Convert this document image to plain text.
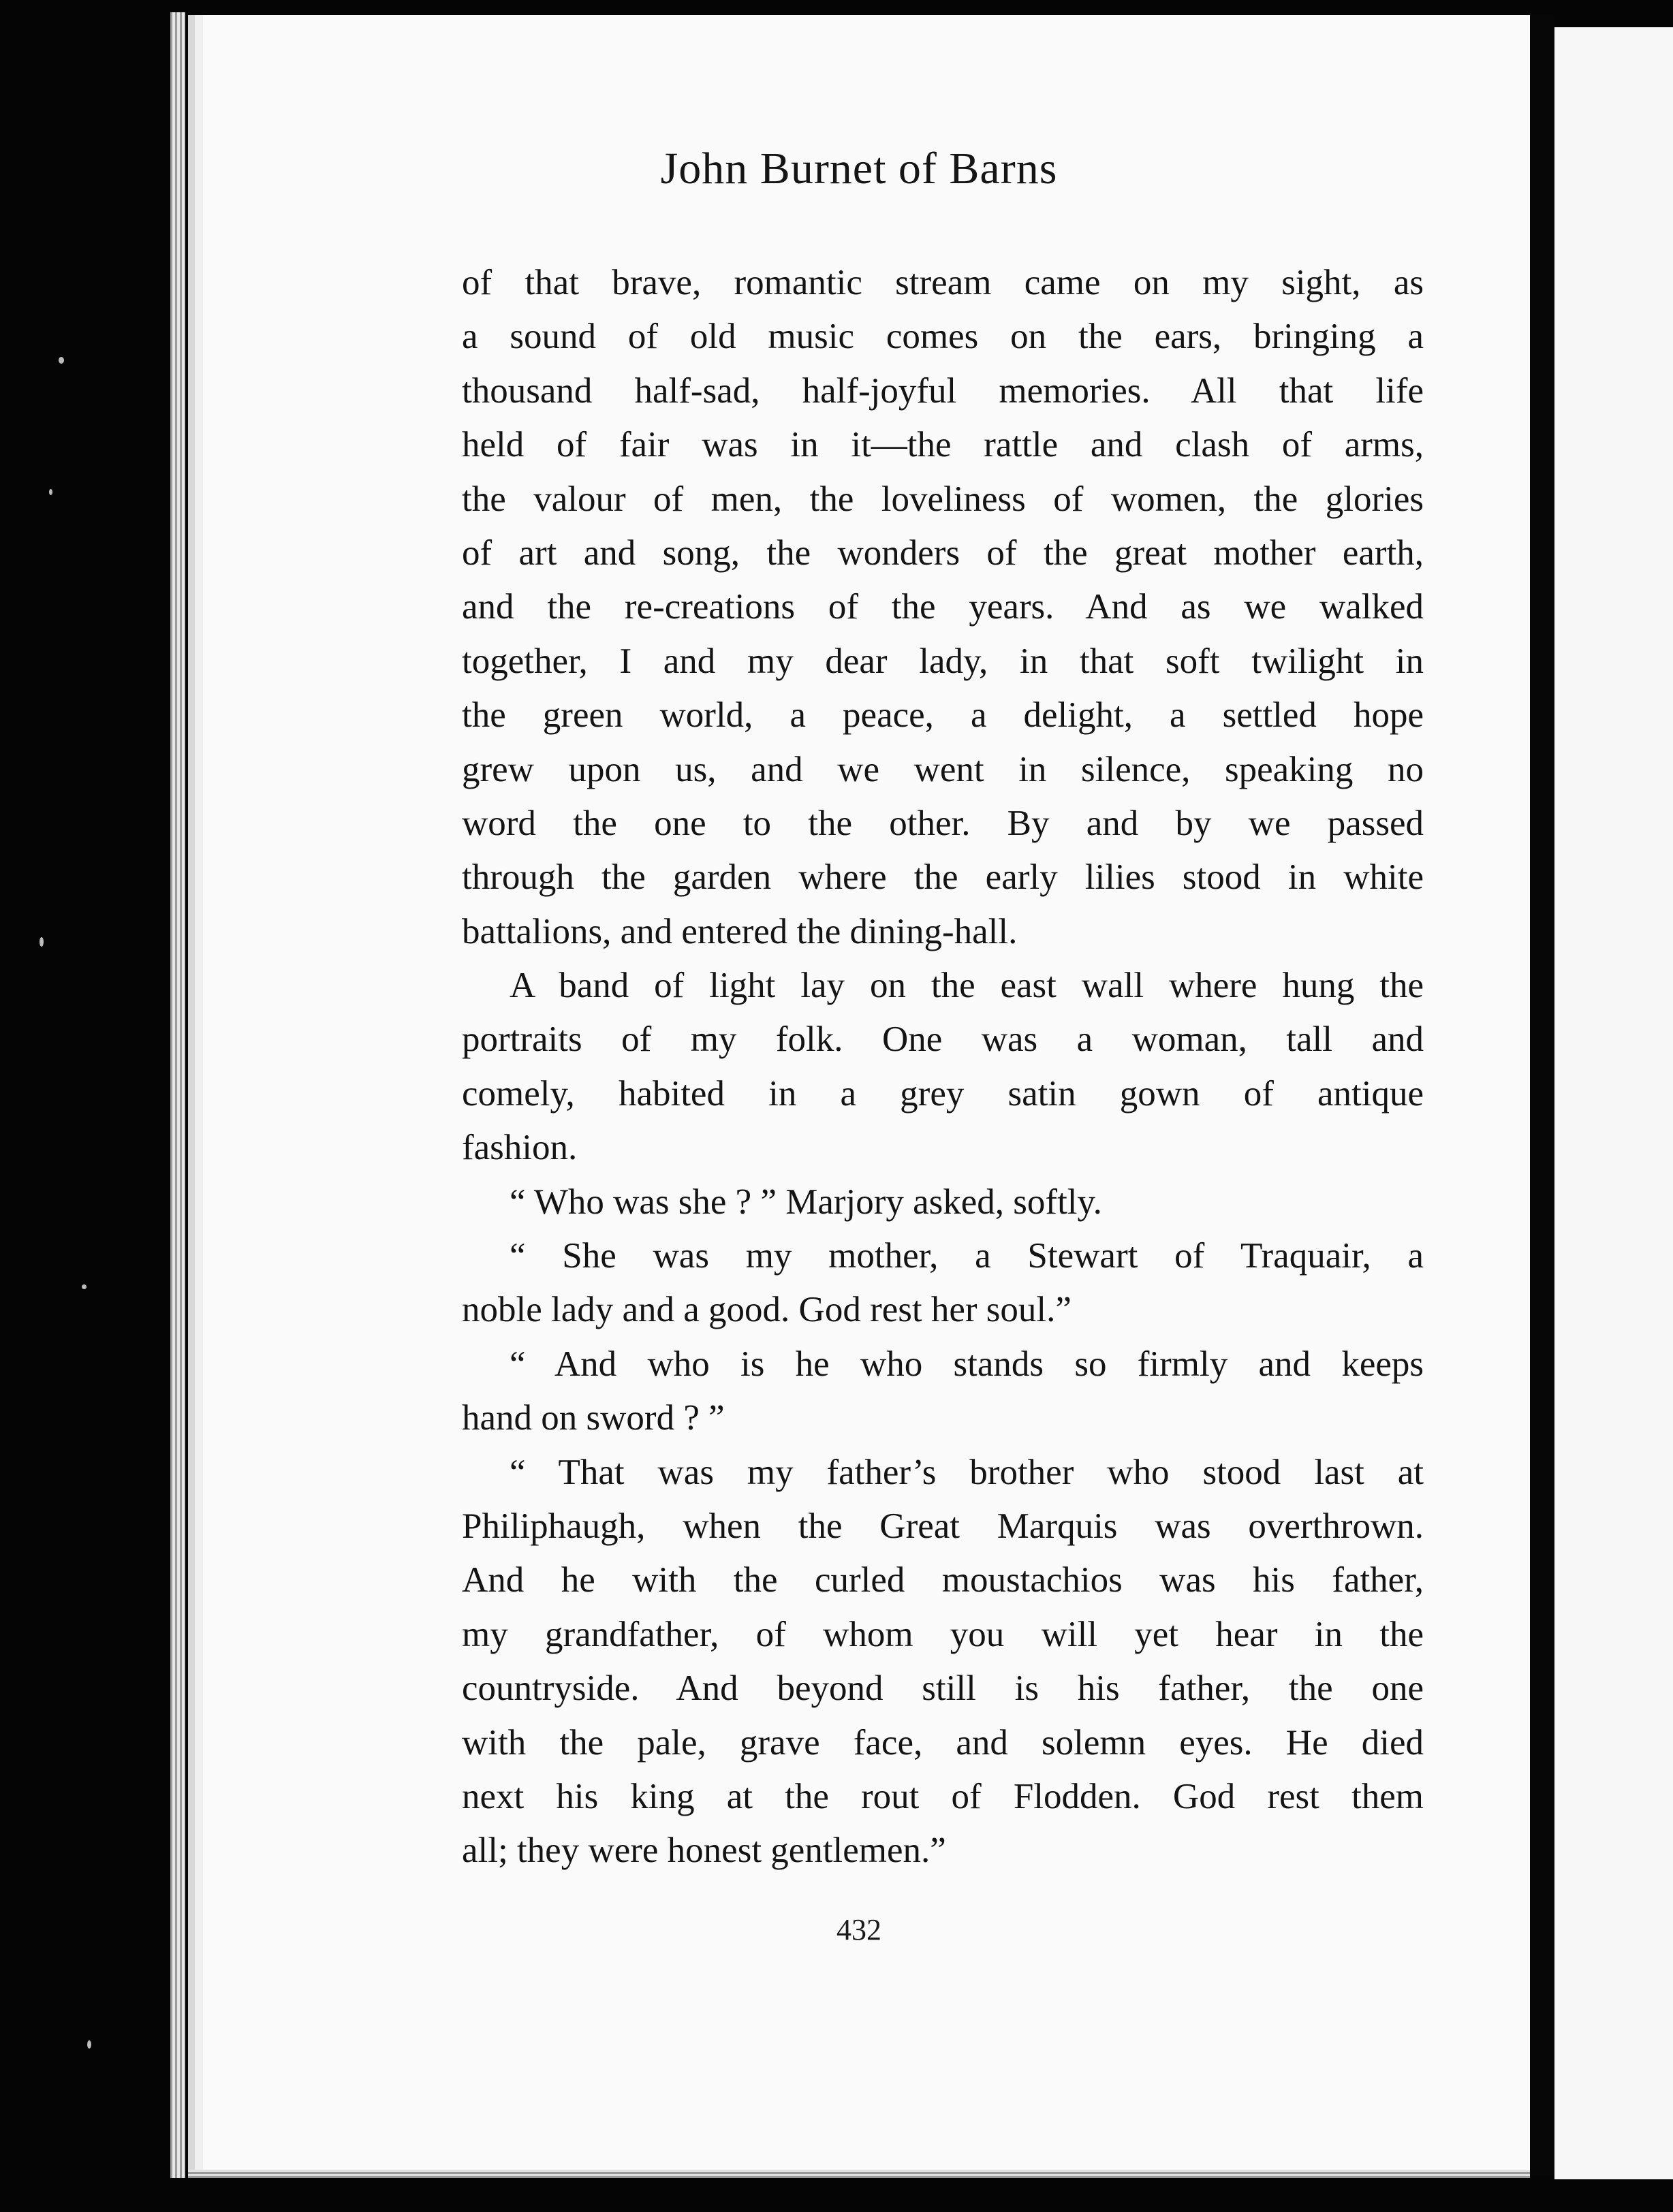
John Burnet of Barns
of that brave, romantic stream came on my sight, as
a sound of old music comes on the ears, bringing a
thousand half-sad, half-joyful memories. All that life
held of fair was in it—the rattle and clash of arms,
the valour of men, the loveliness of women, the glories
of art and song, the wonders of the great mother earth,
and the re-creations of the years. And as we walked
together, I and my dear lady, in that soft twilight in
the green world, a peace, a delight, a settled hope
grew upon us, and we went in silence, speaking no
word the one to the other. By and by we passed
through the garden where the early lilies stood in white
battalions, and entered the dining-hall.
A band of light lay on the east wall where hung the
portraits of my folk. One was a woman, tall and
comely, habited in a grey satin gown of antique
fashion.
“ Who was she ? ” Marjory asked, softly.
“ She was my mother, a Stewart of Traquair, a
noble lady and a good. God rest her soul.”
“ And who is he who stands so firmly and keeps
hand on sword ? ”
“ That was my father’s brother who stood last at
Philiphaugh, when the Great Marquis was overthrown.
And he with the curled moustachios was his father,
my grandfather, of whom you will yet hear in the
countryside. And beyond still is his father, the one
with the pale, grave face, and solemn eyes. He died
next his king at the rout of Flodden. God rest them
all; they were honest gentlemen.”
432
